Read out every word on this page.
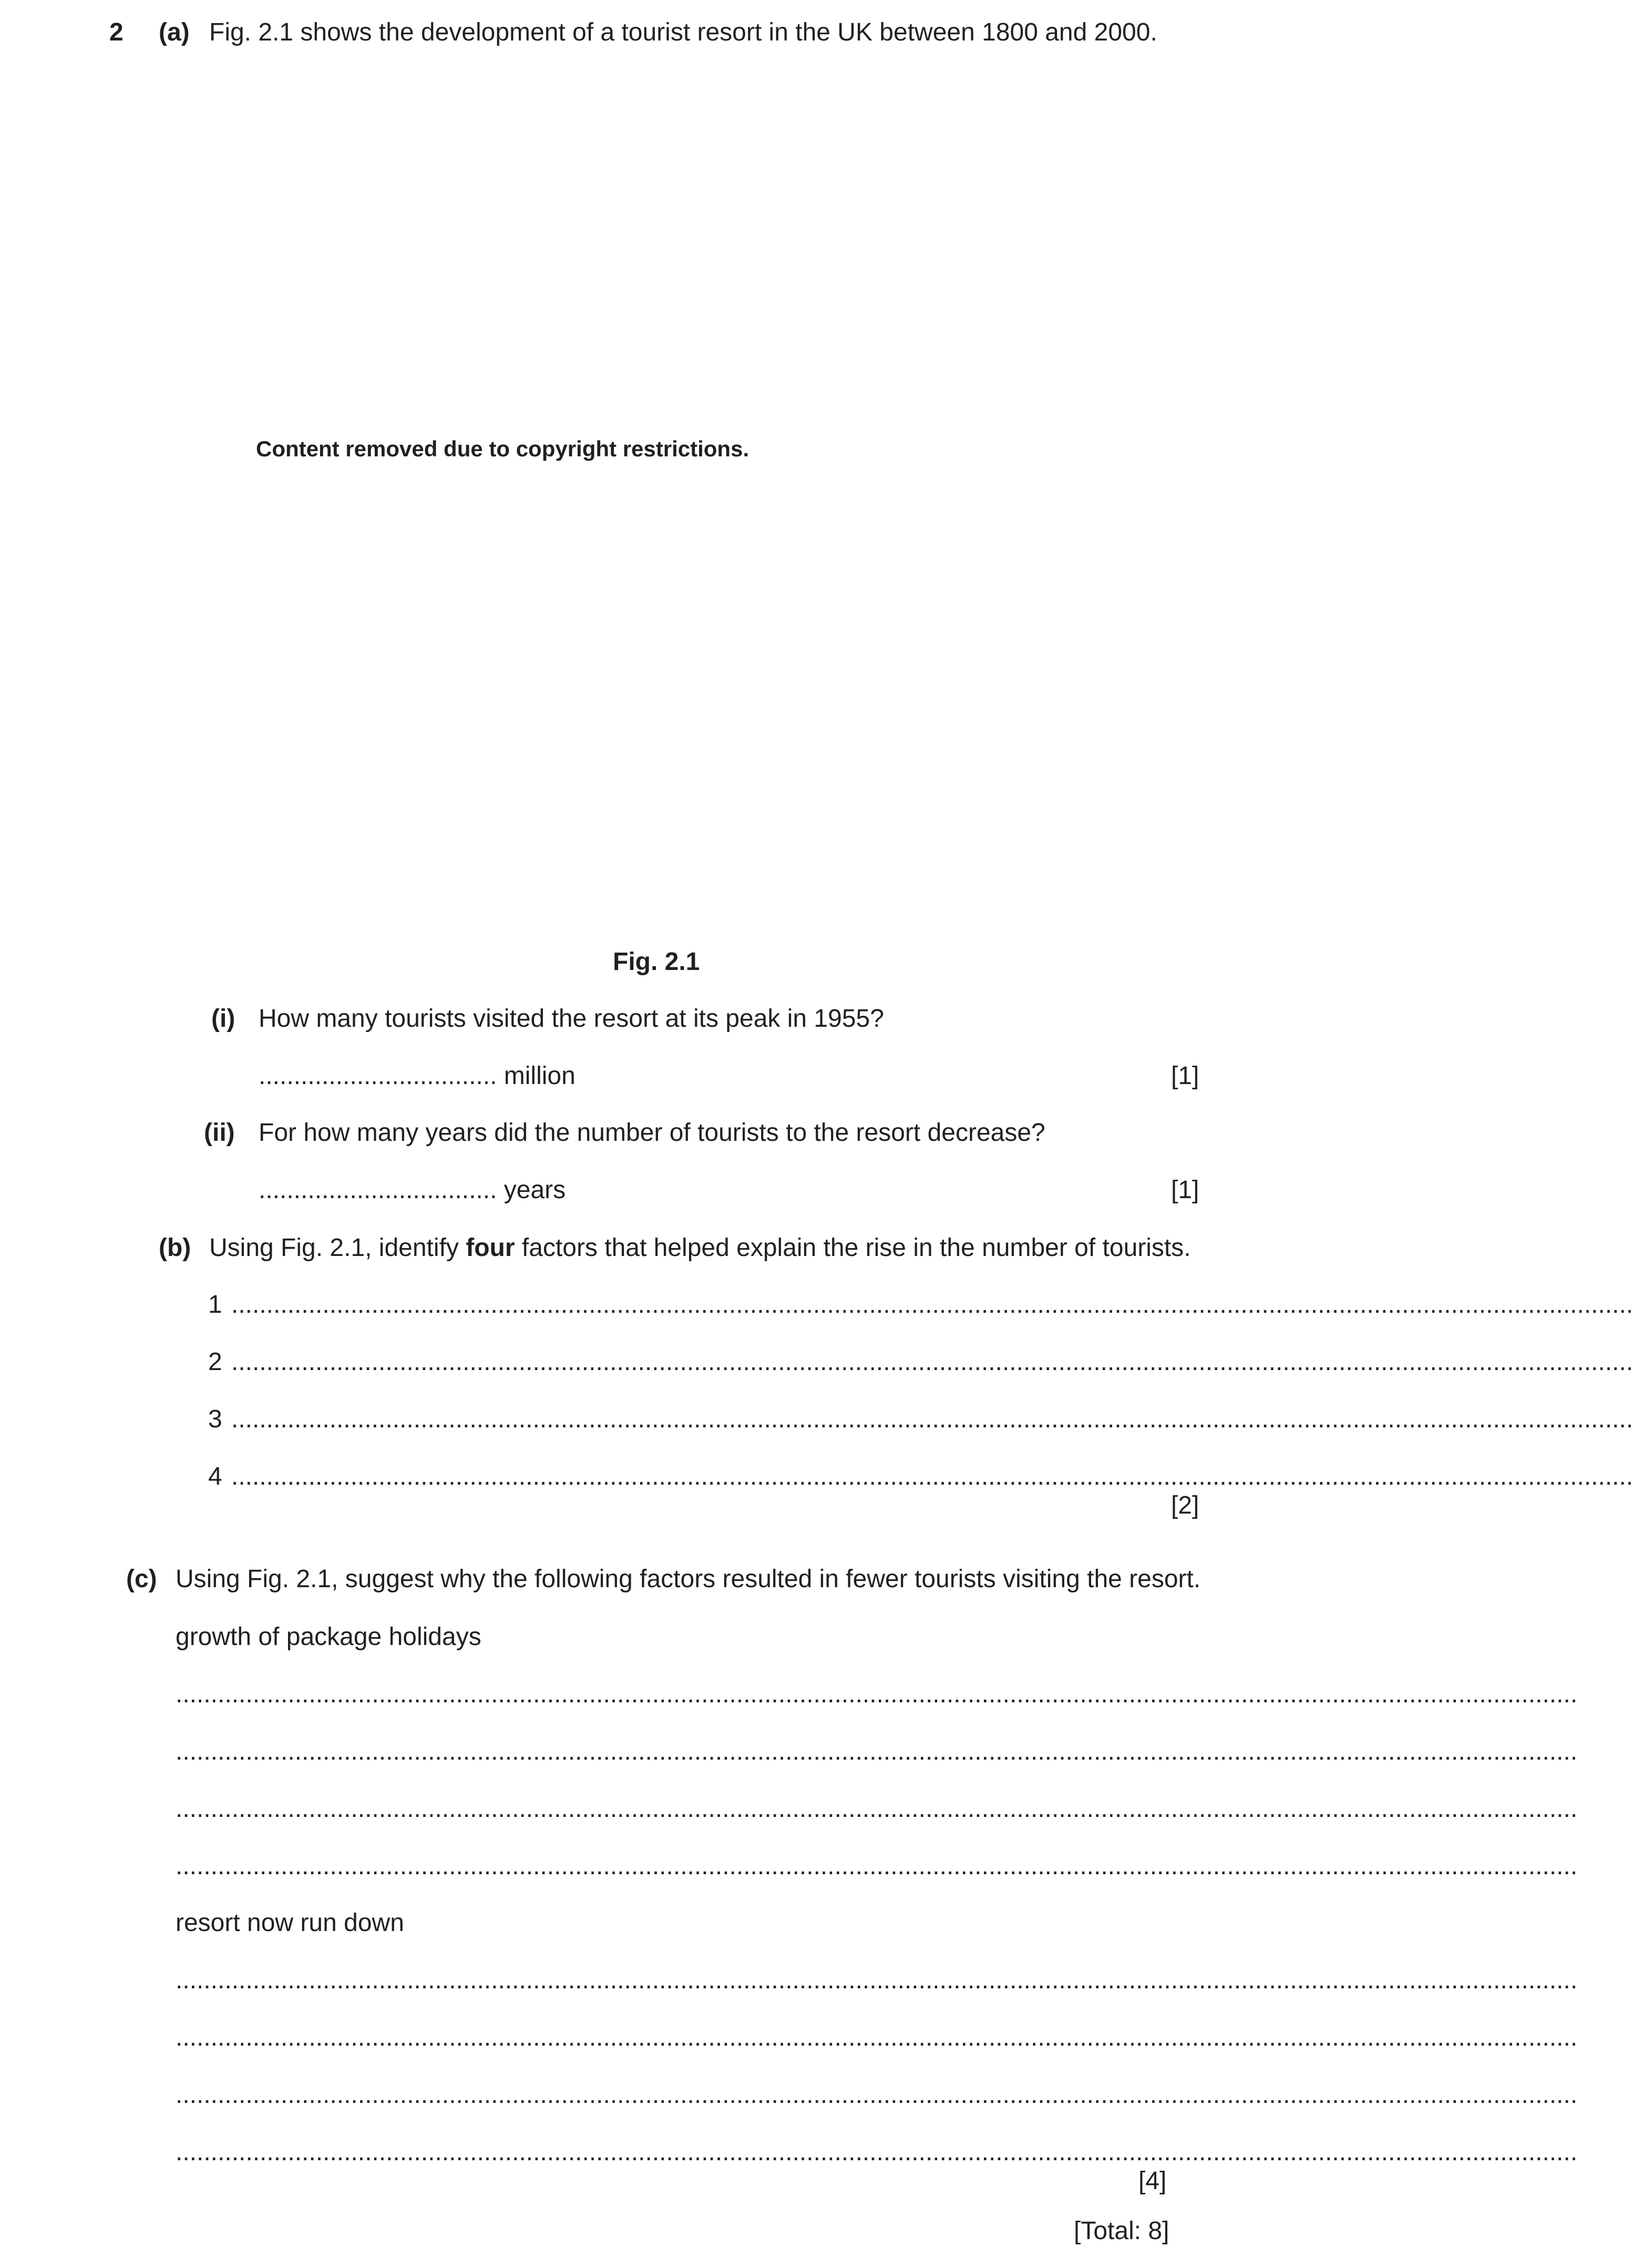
2 (a) Fig. 2.1 shows the development of a tourist resort in the UK between 1800 and 2000.
Content removed due to copyright restrictions.
Fig. 2.1
(i) How many tourists visited the resort at its peak in 1955?
.................................. million	[1]
(ii) For how many years did the number of tourists to the resort decrease?
.................................. years	[1]
(b) Using Fig. 2.1, identify four factors that helped explain the rise in the number of tourists.
1 ........................................................................................................................................................................................................
2 ........................................................................................................................................................................................................
3 ........................................................................................................................................................................................................
4 ........................................................................................................................................................................................................
[2]
(c) Using Fig. 2.1, suggest why the following factors resulted in fewer tourists visiting the resort.
growth of package holidays
........................................................................................................................................................................................................
........................................................................................................................................................................................................
........................................................................................................................................................................................................
........................................................................................................................................................................................................
resort now run down
........................................................................................................................................................................................................
........................................................................................................................................................................................................
........................................................................................................................................................................................................
........................................................................................................................................................................................................
[4]
[Total: 8]
